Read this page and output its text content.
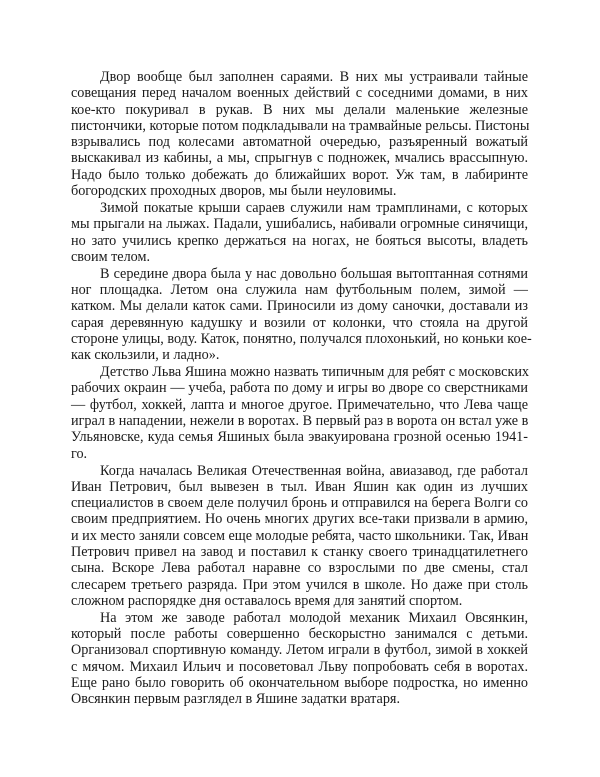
Двор вообще был заполнен сараями. В них мы устраивали тайные
совещания перед началом военных действий с соседними домами, в них
кое-кто покуривал в рукав. В них мы делали маленькие железные
пистончики, которые потом подкладывали на трамвайные рельсы. Пистоны
взрывались под колесами автоматной очередью, разъяренный вожатый
выскакивал из кабины, а мы, спрыгнув с подножек, мчались врассыпную.
Надо было только добежать до ближайших ворот. Уж там, в лабиринте
богородских проходных дворов, мы были неуловимы.

Зимой покатые крыши сараев служили нам трамплинами, с которых
мы прыгали на лыжах. Падали, ушибались, набивали огромные синячищи,
но зато учились крепко держаться на ногах, не бояться высоты, владеть
своим телом.

В середине двора была у нас довольно большая вытоптанная сотнями
ног площадка. Летом она служила нам футбольным полем, зимой —
катком. Мы делали каток сами. Приносили из дому саночки, доставали из
сарая деревянную кадушку и возили от колонки, что стояла на другой
стороне улицы, воду. Каток, понятно, получался плохонький, но коньки кое-
как скользили, и ладно».

Детство Льва Яшина можно назвать типичным для ребят с московских
рабочих окраин — учеба, работа по дому и игры во дворе со сверстниками
— футбол, хоккей, лапта и многое другое. Примечательно, что Лева чаще
играл в нападении, нежели в воротах. В первый раз в ворота он встал уже в
Ульяновске, куда семья Яшиных была эвакуирована грозной осенью 1941-
го.

Когда началась Великая Отечественная война, авиазавод, где работал
Иван Петрович, был вывезен в тыл. Иван Яшин как один из лучших
специалистов в своем деле получил бронь и отправился на берега Волги со
своим предприятием. Но очень многих других все-таки призвали в армию,
и их место заняли совсем еще молодые ребята, часто школьники. Так, Иван
Петрович привел на завод и поставил к станку своего тринадцатилетнего
сына. Вскоре Лева работал наравне со взрослыми по две смены, стал
слесарем третьего разряда. При этом учился в школе. Но даже при столь
сложном распорядке дня оставалось время для занятий спортом.

На этом же заводе работал молодой механик Михаил Овсянкин,
который после работы совершенно бескорыстно занимался с детьми.
Организовал спортивную команду. Летом играли в футбол, зимой в хоккей
с мячом. Михаил Ильич и посоветовал Льву попробовать себя в воротах.
Еще рано было говорить об окончательном выборе подростка, но именно
Овсянкин первым разглядел в Яшине задатки вратаря.
